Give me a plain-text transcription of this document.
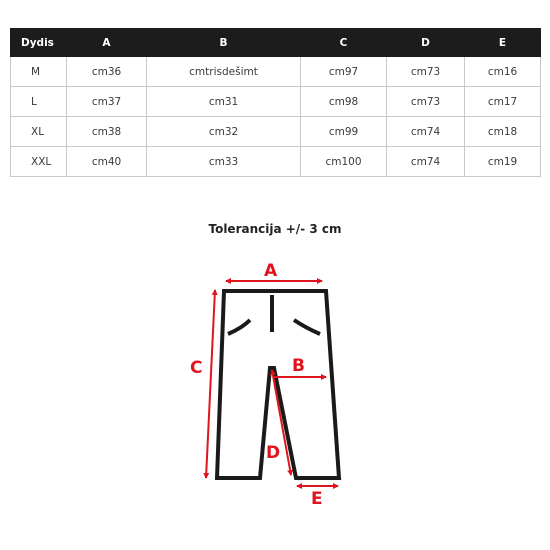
Dydis	A	B	C	D	E
M	cm36	cmtrisdešimt	cm97	cm73	cm16
L	cm37	cm31	cm98	cm73	cm17
XL	cm38	cm32	cm99	cm74	cm18
XXL	cm40	cm33	cm100	cm74	cm19
Tolerancija +/- 3 cm
A
B
C
D
E
